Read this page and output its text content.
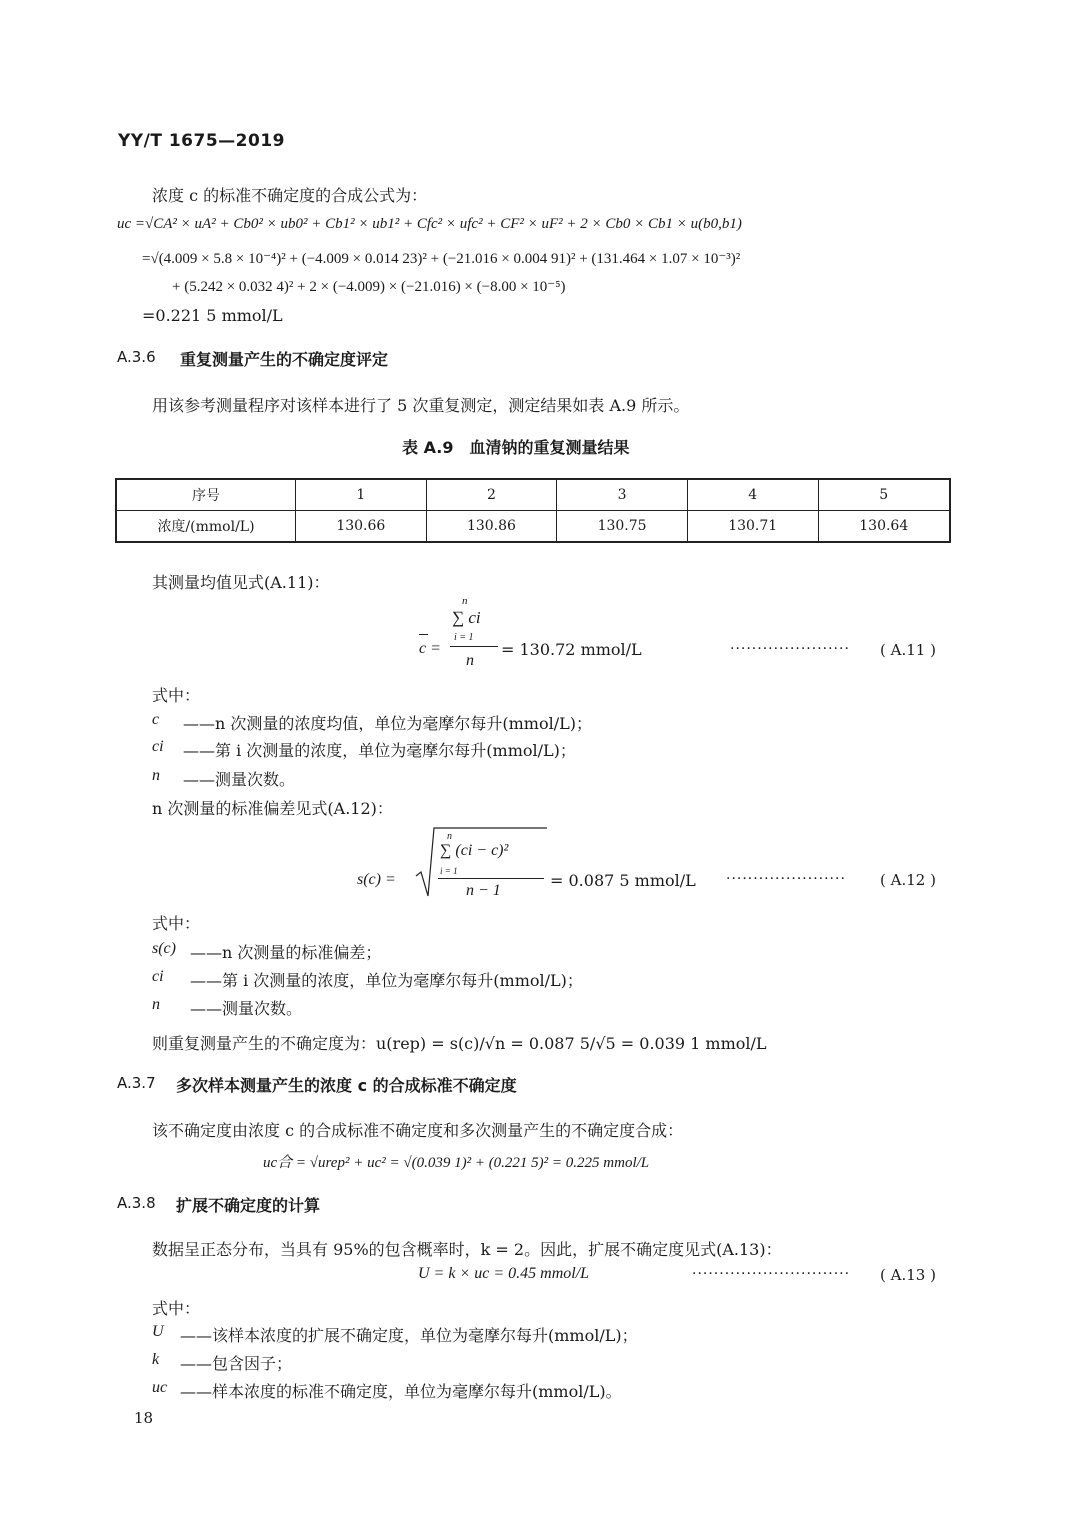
YY/T 1675—2019
浓度 c 的标准不确定度的合成公式为：
uc =√CA² × uA² + Cb0² × ub0² + Cb1² × ub1² + Cfc² × ufc² + CF² × uF² + 2 × Cb0 × Cb1 × u(b0,b1)
=√(4.009 × 5.8 × 10⁻⁴)² + (−4.009 × 0.014 23)² + (−21.016 × 0.004 91)² + (131.464 × 1.07 × 10⁻³)²
+ (5.242 × 0.032 4)² + 2 × (−4.009) × (−21.016) × (−8.00 × 10⁻⁵)
=0.221 5 mmol/L
A.3.6 重复测量产生的不确定度评定
用该参考测量程序对该样本进行了 5 次重复测定，测定结果如表 A.9 所示。
表 A.9　血清钠的重复测量结果
序号	1	2	3	4	5
浓度/(mmol/L)	130.66	130.86	130.75	130.71	130.64
其测量均值见式(A.11)：
c =
n
∑ ci
i = 1
n
= 130.72 mmol/L	······················ ( A.11 )
式中：
c ——n 次测量的浓度均值，单位为毫摩尔每升(mmol/L)；
ci ——第 i 次测量的浓度，单位为毫摩尔每升(mmol/L)；
n ——测量次数。
n 次测量的标准偏差见式(A.12)：
s(c) =
n
∑ (ci − c)²
i = 1
n − 1
= 0.087 5 mmol/L ······················ ( A.12 )
式中：
s(c) ——n 次测量的标准偏差；
ci ——第 i 次测量的浓度，单位为毫摩尔每升(mmol/L)；
n ——测量次数。
则重复测量产生的不确定度为：u(rep) = s(c)/√n = 0.087 5/√5 = 0.039 1 mmol/L
A.3.7 多次样本测量产生的浓度 c 的合成标准不确定度
该不确定度由浓度 c 的合成标准不确定度和多次测量产生的不确定度合成：
uc合 = √urep² + uc² = √(0.039 1)² + (0.221 5)² = 0.225 mmol/L
A.3.8 扩展不确定度的计算
数据呈正态分布，当具有 95%的包含概率时，k = 2。因此，扩展不确定度见式(A.13)：
U = k × uc = 0.45 mmol/L	····························· ( A.13 )
式中：
U ——该样本浓度的扩展不确定度，单位为毫摩尔每升(mmol/L)；
k ——包含因子；
uc ——样本浓度的标准不确定度，单位为毫摩尔每升(mmol/L)。
18
